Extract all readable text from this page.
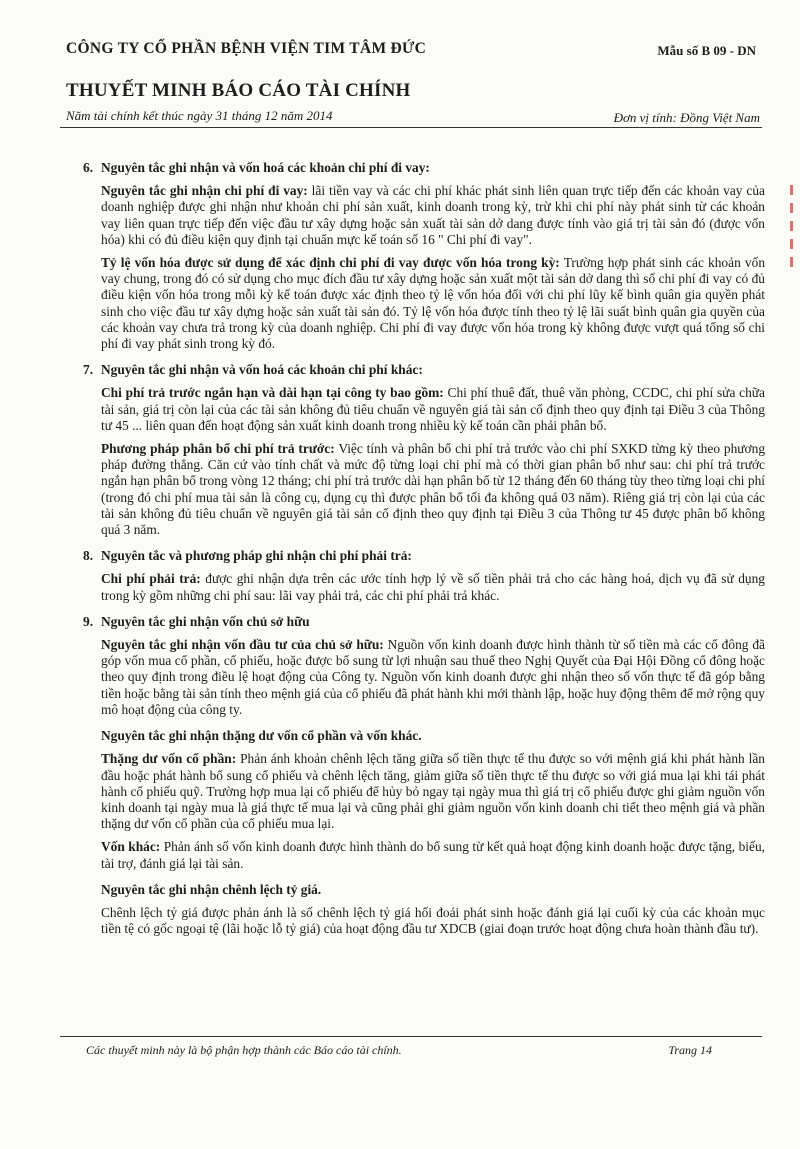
CÔNG TY CỔ PHẦN BỆNH VIỆN TIM TÂM ĐỨC	Mẫu số B 09 - DN
THUYẾT MINH BÁO CÁO TÀI CHÍNH
Năm tài chính kết thúc ngày 31 tháng 12 năm 2014	Đơn vị tính: Đồng Việt Nam
6. Nguyên tắc ghi nhận và vốn hoá các khoản chi phí đi vay:

Nguyên tắc ghi nhận chi phí đi vay: lãi tiền vay và các chi phí khác phát sinh liên quan trực tiếp đến các khoản vay của doanh nghiệp được ghi nhận như khoản chi phí sản xuất, kinh doanh trong kỳ, trừ khi chi phí này phát sinh từ các khoản vay liên quan trực tiếp đến việc đầu tư xây dựng hoặc sản xuất tài sản dở dang được tính vào giá trị tài sản đó (được vốn hóa) khi có đủ điều kiện quy định tại chuẩn mực kế toán số 16 " Chi phí đi vay".

Tỷ lệ vốn hóa được sử dụng để xác định chi phí đi vay được vốn hóa trong kỳ: Trường hợp phát sinh các khoản vốn vay chung, trong đó có sử dụng cho mục đích đầu tư xây dựng hoặc sản xuất một tài sản dở dang thì số chi phí đi vay có đủ điều kiện vốn hóa trong mỗi kỳ kế toán được xác định theo tỷ lệ vốn hóa đối với chi phí lũy kế bình quân gia quyền phát sinh cho việc đầu tư xây dựng hoặc sản xuất tài sản đó. Tỷ lệ vốn hóa được tính theo tỷ lệ lãi suất bình quân gia quyền của các khoản vay chưa trả trong kỳ của doanh nghiệp. Chi phí đi vay được vốn hóa trong kỳ không được vượt quá tổng số chi phí đi vay phát sinh trong kỳ đó.

7. Nguyên tắc ghi nhận và vốn hoá các khoản chi phí khác:

Chi phí trả trước ngắn hạn và dài hạn tại công ty bao gồm: Chi phí thuê đất, thuê văn phòng, CCDC, chi phí sửa chữa tài sản, giá trị còn lại của các tài sản không đủ tiêu chuẩn về nguyên giá tài sản cố định theo quy định tại Điều 3 của Thông tư 45 ... liên quan đến hoạt động sản xuất kinh doanh trong nhiều kỳ kế toán cần phải phân bổ.

Phương pháp phân bổ chi phí trả trước: Việc tính và phân bổ chi phí trả trước vào chi phí SXKD từng kỳ theo phương pháp đường thẳng. Căn cứ vào tính chất và mức độ từng loại chi phí mà có thời gian phân bổ như sau: chi phí trả trước ngắn hạn phân bổ trong vòng 12 tháng; chi phí trả trước dài hạn phân bổ từ 12 tháng đến 60 tháng tùy theo từng loại chi phí (trong đó chi phí mua tài sản là công cụ, dụng cụ thì được phân bổ tối đa không quá 03 năm). Riêng giá trị còn lại của các tài sản không đủ tiêu chuẩn về nguyên giá tài sản cố định theo quy định tại Điều 3 của Thông tư 45 được phân bổ không quá 3 năm.

8. Nguyên tắc và phương pháp ghi nhận chi phí phải trả:

Chi phí phải trả: được ghi nhận dựa trên các ước tính hợp lý về số tiền phải trả cho các hàng hoá, dịch vụ đã sử dụng trong kỳ gồm những chi phí sau: lãi vay phải trả, các chi phí phải trả khác.

9. Nguyên tắc ghi nhận vốn chủ sở hữu

Nguyên tắc ghi nhận vốn đầu tư của chủ sở hữu: Nguồn vốn kinh doanh được hình thành từ số tiền mà các cổ đông đã góp vốn mua cổ phần, cổ phiếu, hoặc được bổ sung từ lợi nhuận sau thuế theo Nghị Quyết của Đại Hội Đồng cổ đông hoặc theo quy định trong điều lệ hoạt động của Công ty. Nguồn vốn kinh doanh được ghi nhận theo số vốn thực tế đã góp bằng tiền hoặc bằng tài sản tính theo mệnh giá của cổ phiếu đã phát hành khi mới thành lập, hoặc huy động thêm để mở rộng quy mô hoạt động của công ty.

Nguyên tắc ghi nhận thặng dư vốn cổ phần và vốn khác.

Thặng dư vốn cổ phần: Phản ánh khoản chênh lệch tăng giữa số tiền thực tế thu được so với mệnh giá khi phát hành lần đầu hoặc phát hành bổ sung cổ phiếu và chênh lệch tăng, giảm giữa số tiền thực tế thu được so với giá mua lại khi tái phát hành cổ phiếu quỹ. Trường hợp mua lại cổ phiếu để hủy bỏ ngay tại ngày mua thì giá trị cổ phiếu được ghi giảm nguồn vốn kinh doanh tại ngày mua là giá thực tế mua lại và cũng phải ghi giảm nguồn vốn kinh doanh chi tiết theo mệnh giá và phần thặng dư vốn cổ phần của cổ phiếu mua lại.

Vốn khác: Phản ánh số vốn kinh doanh được hình thành do bổ sung từ kết quả hoạt động kinh doanh hoặc được tặng, biếu, tài trợ, đánh giá lại tài sản.

Nguyên tắc ghi nhận chênh lệch tỷ giá.

Chênh lệch tỷ giá được phản ánh là số chênh lệch tỷ giá hối đoái phát sinh hoặc đánh giá lại cuối kỳ của các khoản mục tiền tệ có gốc ngoại tệ (lãi hoặc lỗ tỷ giá) của hoạt động đầu tư XDCB (giai đoạn trước hoạt động chưa hoàn thành đầu tư).

Các thuyết minh này là bộ phận hợp thành các Báo cáo tài chính.	Trang 14
